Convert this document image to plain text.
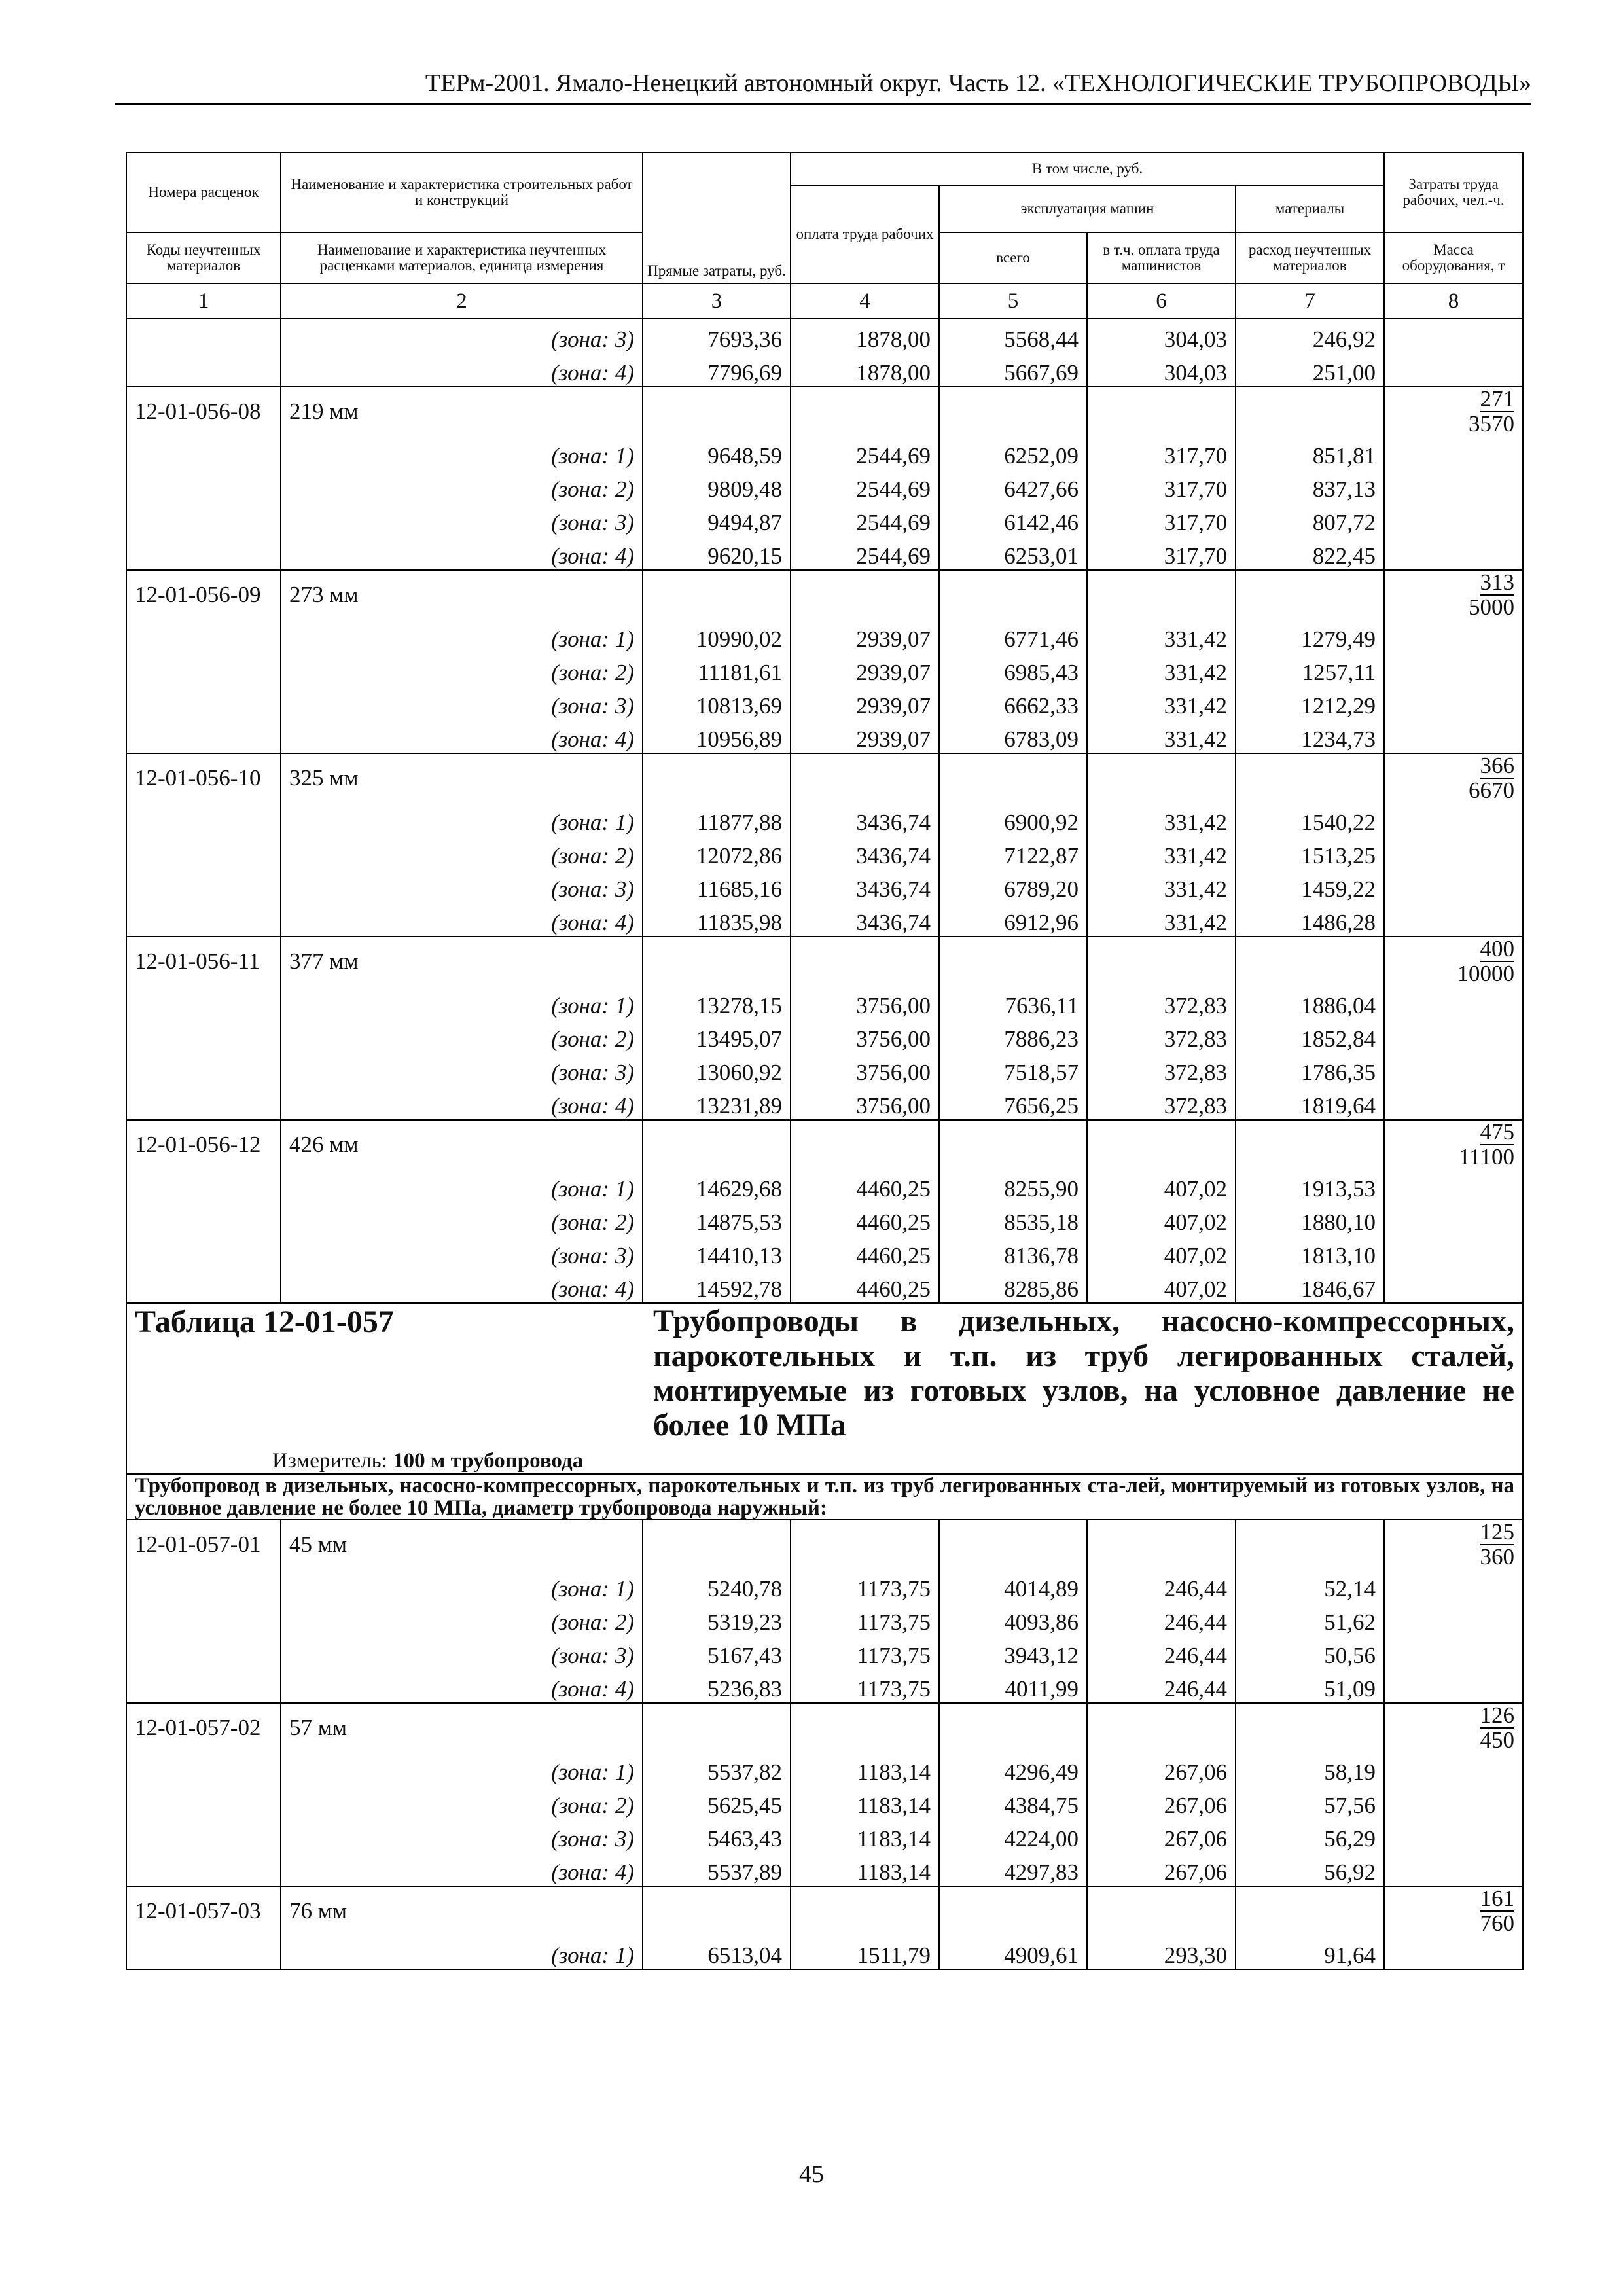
ТЕРм-2001. Ямало-Ненецкий автономный округ. Часть 12. «ТЕХНОЛОГИЧЕСКИЕ ТРУБОПРОВОДЫ»
Номера расценок	Наименование и характеристика строительных работ и конструкций	Прямые затраты, руб.	В том числе, руб.				Затраты труда рабочих, чел.-ч.
			оплата труда рабочих	эксплуатация машин		материалы	
Коды неучтенных материалов	Наименование и характеристика неучтенных расценками материалов, единица измерения			всего	в т.ч. оплата труда машинистов	расход неучтенных материалов	Масса оборудования, т
1	2	3	4	5	6	7	8
	(зона: 3)	7693,36	1878,00	5568,44	304,03	246,92	
	(зона: 4)	7796,69	1878,00	5667,69	304,03	251,00	
12-01-056-08	219 мм						$\frac{271}{3570}$
	(зона: 1)	9648,59	2544,69	6252,09	317,70	851,81	
	(зона: 2)	9809,48	2544,69	6427,66	317,70	837,13	
	(зона: 3)	9494,87	2544,69	6142,46	317,70	807,72	
	(зона: 4)	9620,15	2544,69	6253,01	317,70	822,45	
12-01-056-09	273 мм						$\frac{313}{5000}$
	(зона: 1)	10990,02	2939,07	6771,46	331,42	1279,49	
	(зона: 2)	11181,61	2939,07	6985,43	331,42	1257,11	
	(зона: 3)	10813,69	2939,07	6662,33	331,42	1212,29	
	(зона: 4)	10956,89	2939,07	6783,09	331,42	1234,73	
12-01-056-10	325 мм						$\frac{366}{6670}$
	(зона: 1)	11877,88	3436,74	6900,92	331,42	1540,22	
	(зона: 2)	12072,86	3436,74	7122,87	331,42	1513,25	
	(зона: 3)	11685,16	3436,74	6789,20	331,42	1459,22	
	(зона: 4)	11835,98	3436,74	6912,96	331,42	1486,28	
12-01-056-11	377 мм						$\frac{400}{10000}$
	(зона: 1)	13278,15	3756,00	7636,11	372,83	1886,04	
	(зона: 2)	13495,07	3756,00	7886,23	372,83	1852,84	
	(зона: 3)	13060,92	3756,00	7518,57	372,83	1786,35	
	(зона: 4)	13231,89	3756,00	7656,25	372,83	1819,64	
12-01-056-12	426 мм						$\frac{475}{11100}$
	(зона: 1)	14629,68	4460,25	8255,90	407,02	1913,53	
	(зона: 2)	14875,53	4460,25	8535,18	407,02	1880,10	
	(зона: 3)	14410,13	4460,25	8136,78	407,02	1813,10	
	(зона: 4)	14592,78	4460,25	8285,86	407,02	1846,67	

Таблица 12-01-057 Трубопроводы в дизельных, насосно-компрессорных, парокотельных и т.п. из труб легированных сталей, монтируемые из готовых узлов, на условное давление не более 10 МПа
Измеритель: 100 м трубопровода							

Трубопровод в дизельных, насосно-компрессорных, парокотельных и т.п. из труб легированных ста-лей, монтируемый из готовых узлов, на условное давление не более 10 МПа, диаметр трубопровода наружный:							
12-01-057-01	45 мм						$\frac{125}{360}$
	(зона: 1)	5240,78	1173,75	4014,89	246,44	52,14	
	(зона: 2)	5319,23	1173,75	4093,86	246,44	51,62	
	(зона: 3)	5167,43	1173,75	3943,12	246,44	50,56	
	(зона: 4)	5236,83	1173,75	4011,99	246,44	51,09	
12-01-057-02	57 мм						$\frac{126}{450}$
	(зона: 1)	5537,82	1183,14	4296,49	267,06	58,19	
	(зона: 2)	5625,45	1183,14	4384,75	267,06	57,56	
	(зона: 3)	5463,43	1183,14	4224,00	267,06	56,29	
	(зона: 4)	5537,89	1183,14	4297,83	267,06	56,92	
12-01-057-03	76 мм						$\frac{161}{760}$
	(зона: 1)	6513,04	1511,79	4909,61	293,30	91,64	
45
